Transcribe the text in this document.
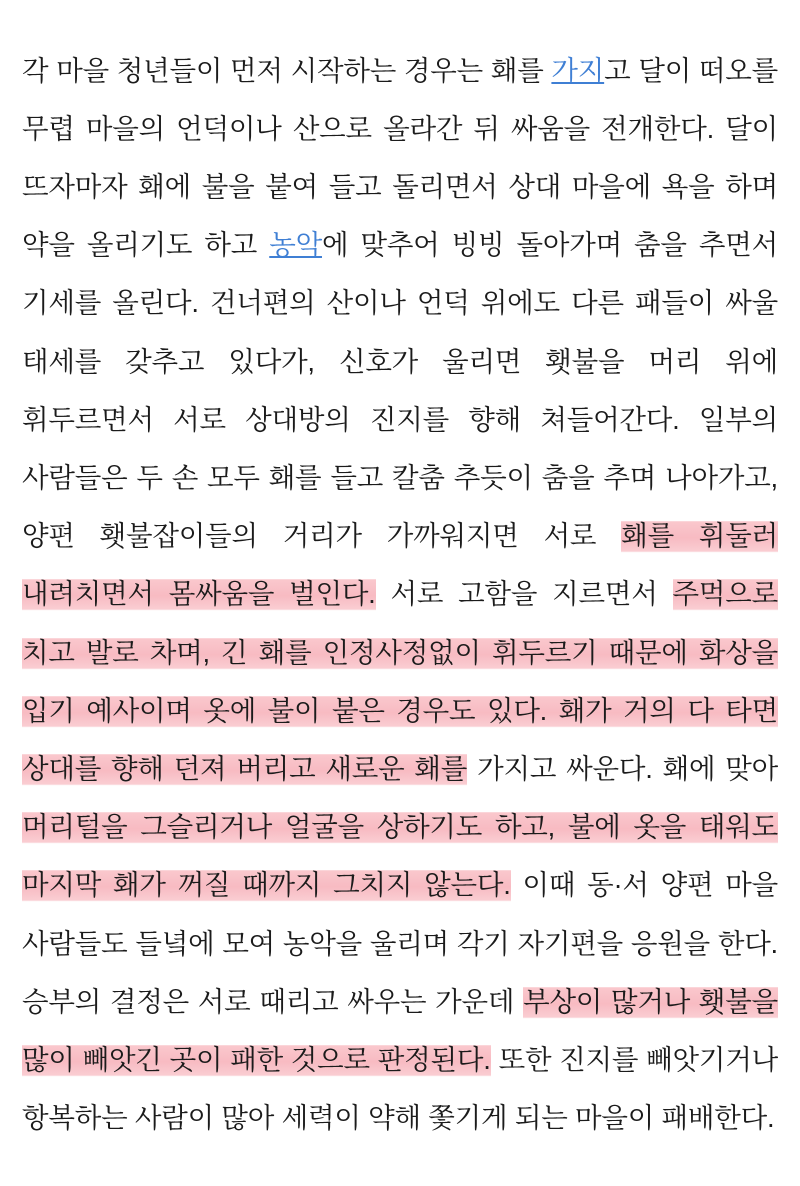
각 마을 청년들이 먼저 시작하는 경우는 홰를 가지고 달이 떠오를 무렵 마을의 언덕이나 산으로 올라간 뒤 싸움을 전개한다. 달이 뜨자마자 홰에 불을 붙여 들고 돌리면서 상대 마을에 욕을 하며 약을 올리기도 하고 농악에 맞추어 빙빙 돌아가며 춤을 추면서 기세를 올린다. 건너편의 산이나 언덕 위에도 다른 패들이 싸울 태세를 갖추고 있다가, 신호가 울리면 횃불을 머리 위에 휘두르면서 서로 상대방의 진지를 향해 쳐들어간다. 일부의 사람들은 두 손 모두 홰를 들고 칼춤 추듯이 춤을 추며 나아가고, 양편 횃불잡이들의 거리가 가까워지면 서로 홰를 휘둘러 내려치면서 몸싸움을 벌인다. 서로 고함을 지르면서 주먹으로 치고 발로 차며, 긴 홰를 인정사정없이 휘두르기 때문에 화상을 입기 예사이며 옷에 불이 붙은 경우도 있다. 홰가 거의 다 타면 상대를 향해 던져 버리고 새로운 홰를 가지고 싸운다. 홰에 맞아 머리털을 그슬리거나 얼굴을 상하기도 하고, 불에 옷을 태워도 마지막 홰가 꺼질 때까지 그치지 않는다. 이때 동·서 양편 마을 사람들도 들녘에 모여 농악을 울리며 각기 자기편을 응원을 한다. 승부의 결정은 서로 때리고 싸우는 가운데 부상이 많거나 횃불을 많이 빼앗긴 곳이 패한 것으로 판정된다. 또한 진지를 빼앗기거나 항복하는 사람이 많아 세력이 약해 쫓기게 되는 마을이 패배한다.
